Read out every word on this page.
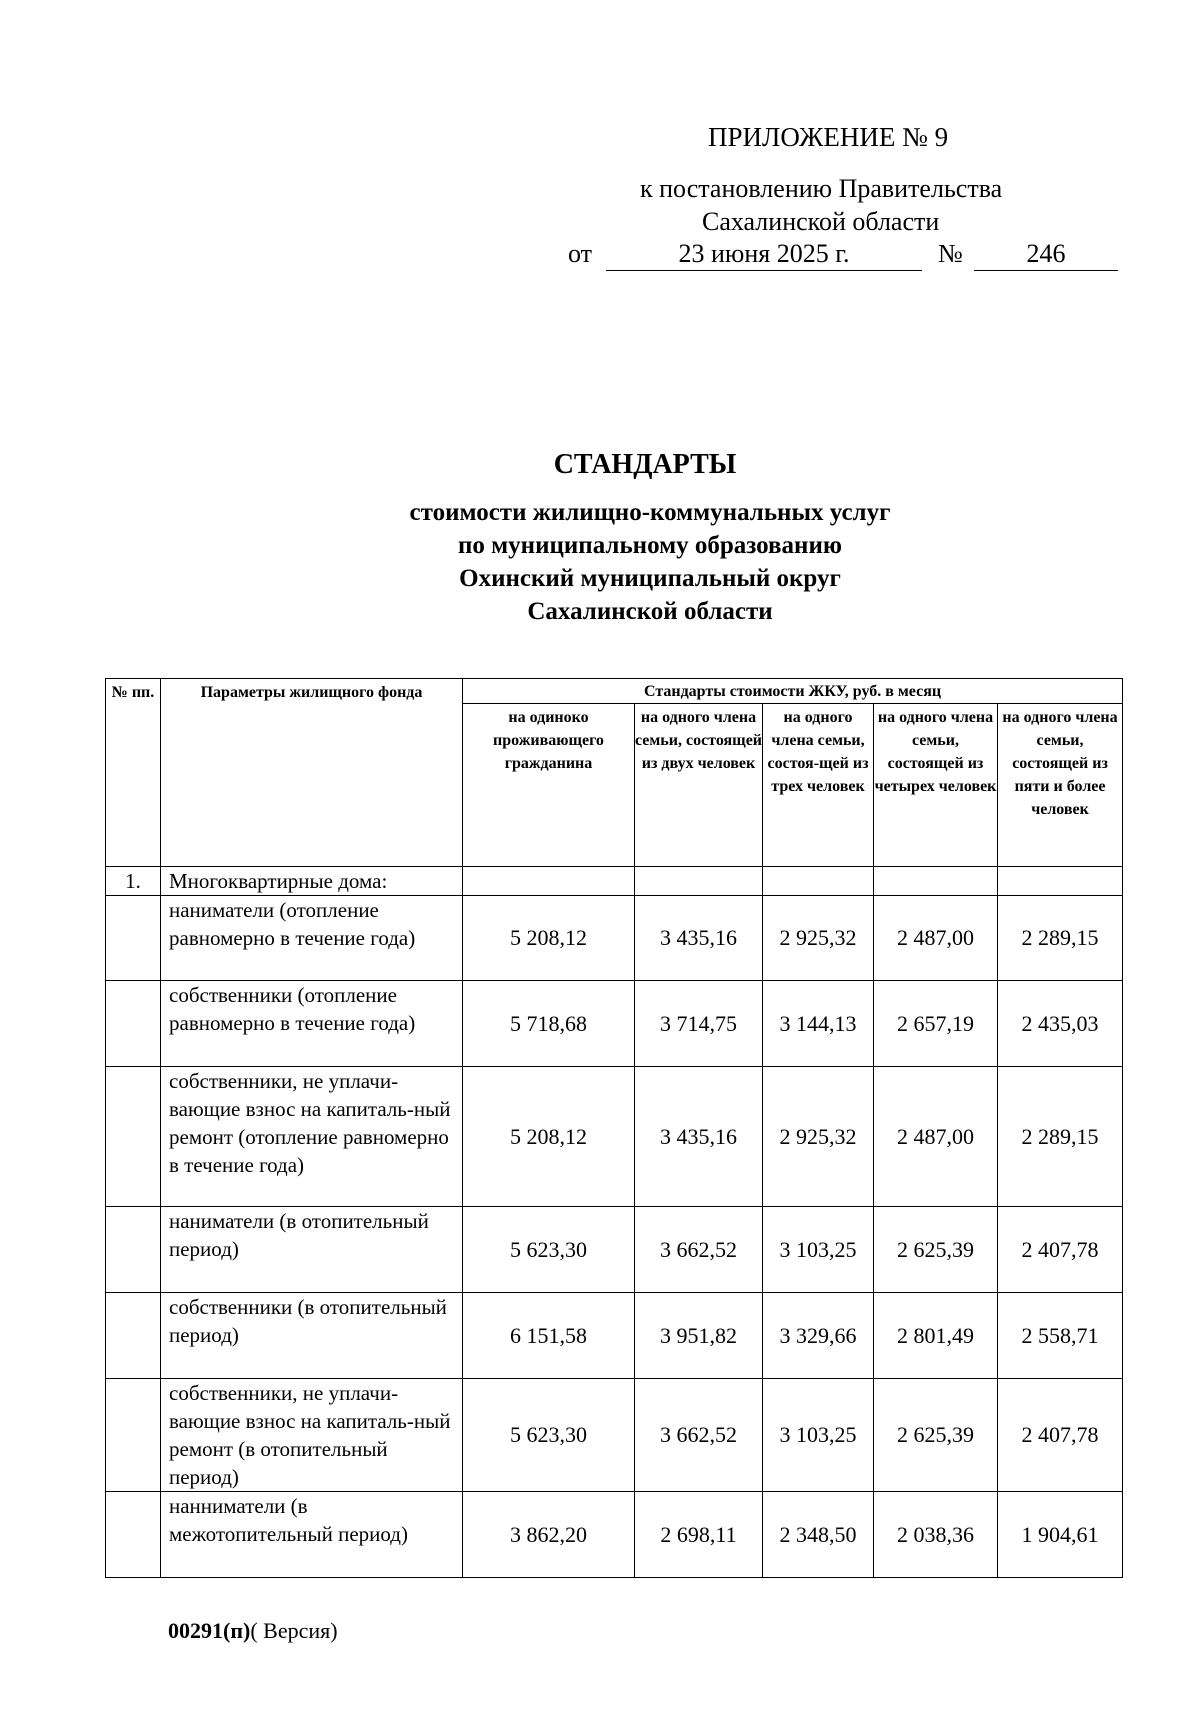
ПРИЛОЖЕНИЕ № 9
к постановлению Правительства
Сахалинской области
от	23 июня 2025 г.	№	246
СТАНДАРТЫ
стоимости жилищно-коммунальных услуг
по муниципальному образованию
Охинский муниципальный округ
Сахалинской области
№ пп.	Параметры жилищного фонда	Стандарты стоимости ЖКУ, руб. в месяц				

		на одиноко проживающего гражданина	на одного члена семьи, состоящей из двух человек	на одного члена семьи, состоя-щей из трех человек	на одного члена семьи, состоящей из четырех человек	на одного члена семьи, состоящей из пяти и более человек

1.	Многоквартирные дома:					
	наниматели (отопление равномерно в течение года)	5 208,12	3 435,16	2 925,32	2 487,00	2 289,15
	собственники (отопление равномерно в течение года)	5 718,68	3 714,75	3 144,13	2 657,19	2 435,03
	собственники, не уплачи-вающие взнос на капиталь-ный ремонт (отопление равномерно в течение года)	5 208,12	3 435,16	2 925,32	2 487,00	2 289,15
	наниматели (в отопительный период)	5 623,30	3 662,52	3 103,25	2 625,39	2 407,78
	собственники (в отопительный период)	6 151,58	3 951,82	3 329,66	2 801,49	2 558,71
	собственники, не уплачи-вающие взнос на капиталь-ный ремонт (в отопительный период)	5 623,30	3 662,52	3 103,25	2 625,39	2 407,78
	нанниматели (в межотопительный период)	3 862,20	2 698,11	2 348,50	2 038,36	1 904,61
00291(п)( Версия)
